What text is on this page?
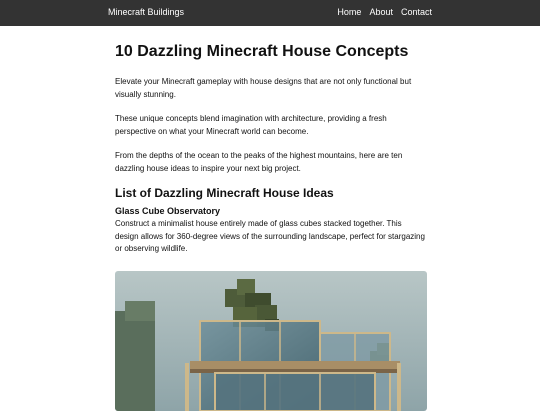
Minecraft Buildings	Home About Contact
10 Dazzling Minecraft House Concepts

Elevate your Minecraft gameplay with house designs that are not only functional but visually stunning.

These unique concepts blend imagination with architecture, providing a fresh perspective on what your Minecraft world can become.

From the depths of the ocean to the peaks of the highest mountains, here are ten dazzling house ideas to inspire your next big project.

List of Dazzling Minecraft House Ideas
Glass Cube Observatory

Construct a minimalist house entirely made of glass cubes stacked together. This design allows for 360-degree views of the surrounding landscape, perfect for stargazing or observing wildlife.
